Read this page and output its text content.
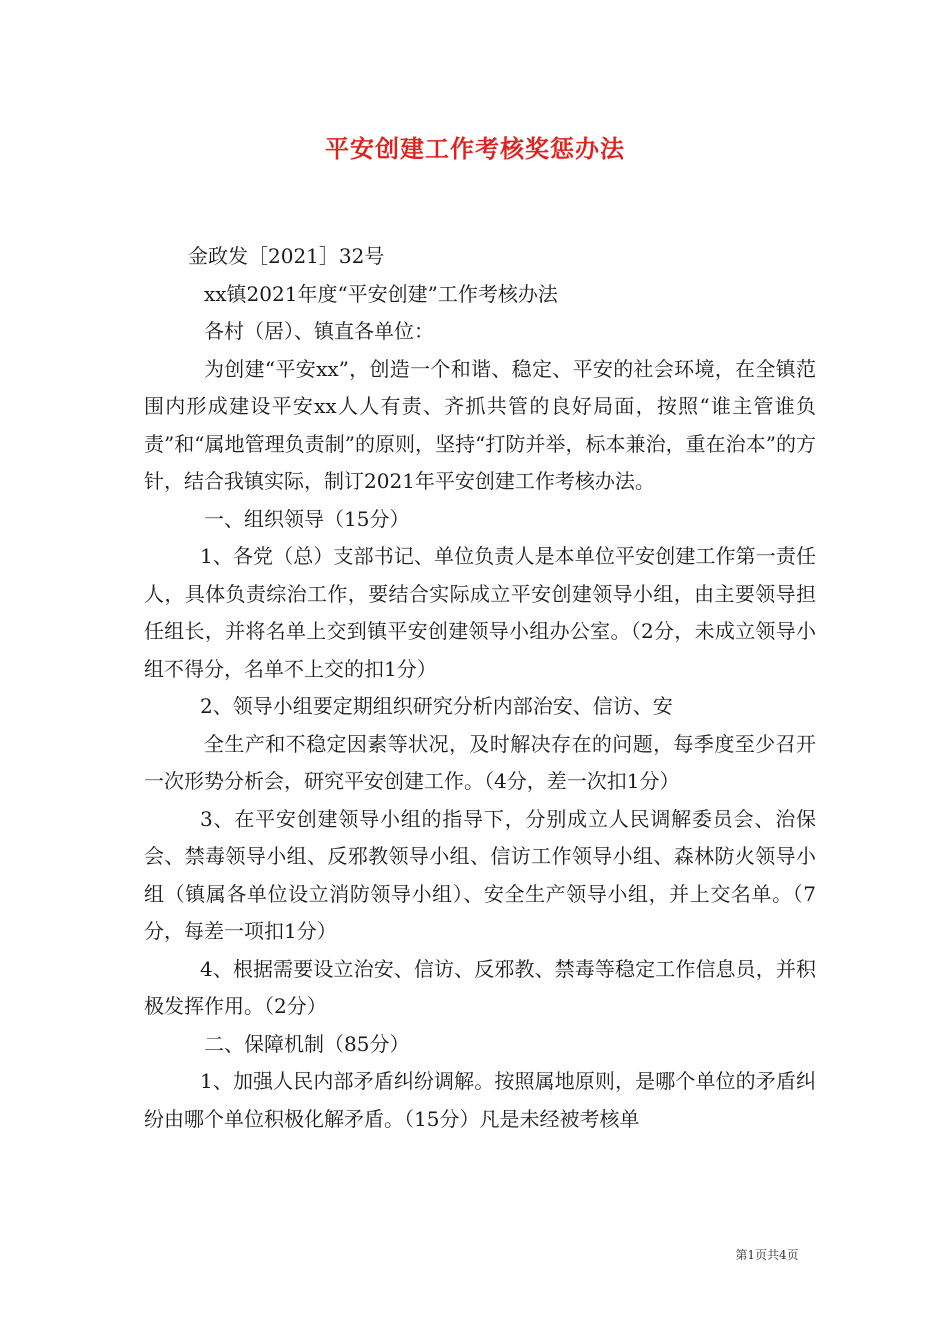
平安创建工作考核奖惩办法

金政发［2021］32号

xx镇2021年度“平安创建”工作考核办法

各村（居）、镇直各单位：

为创建“平安xx”，创造一个和谐、稳定、平安的社会环境，在全镇范围内形成建设平安xx人人有责、齐抓共管的良好局面，按照“谁主管谁负责”和“属地管理负责制”的原则，坚持“打防并举，标本兼治，重在治本”的方针，结合我镇实际，制订2021年平安创建工作考核办法。

一、组织领导（15分）

1、各党（总）支部书记、单位负责人是本单位平安创建工作第一责任人，具体负责综治工作，要结合实际成立平安创建领导小组，由主要领导担任组长，并将名单上交到镇平安创建领导小组办公室。（2分，未成立领导小组不得分，名单不上交的扣1分）

2、领导小组要定期组织研究分析内部治安、信访、安

全生产和不稳定因素等状况，及时解决存在的问题，每季度至少召开一次形势分析会，研究平安创建工作。（4分，差一次扣1分）

3、在平安创建领导小组的指导下，分别成立人民调解委员会、治保会、禁毒领导小组、反邪教领导小组、信访工作领导小组、森林防火领导小组（镇属各单位设立消防领导小组）、安全生产领导小组，并上交名单。（7分，每差一项扣1分）

4、根据需要设立治安、信访、反邪教、禁毒等稳定工作信息员，并积极发挥作用。（2分）

二、保障机制（85分）

1、加强人民内部矛盾纠纷调解。按照属地原则，是哪个单位的矛盾纠纷由哪个单位积极化解矛盾。（15分）凡是未经被考核单

第1页共4页
